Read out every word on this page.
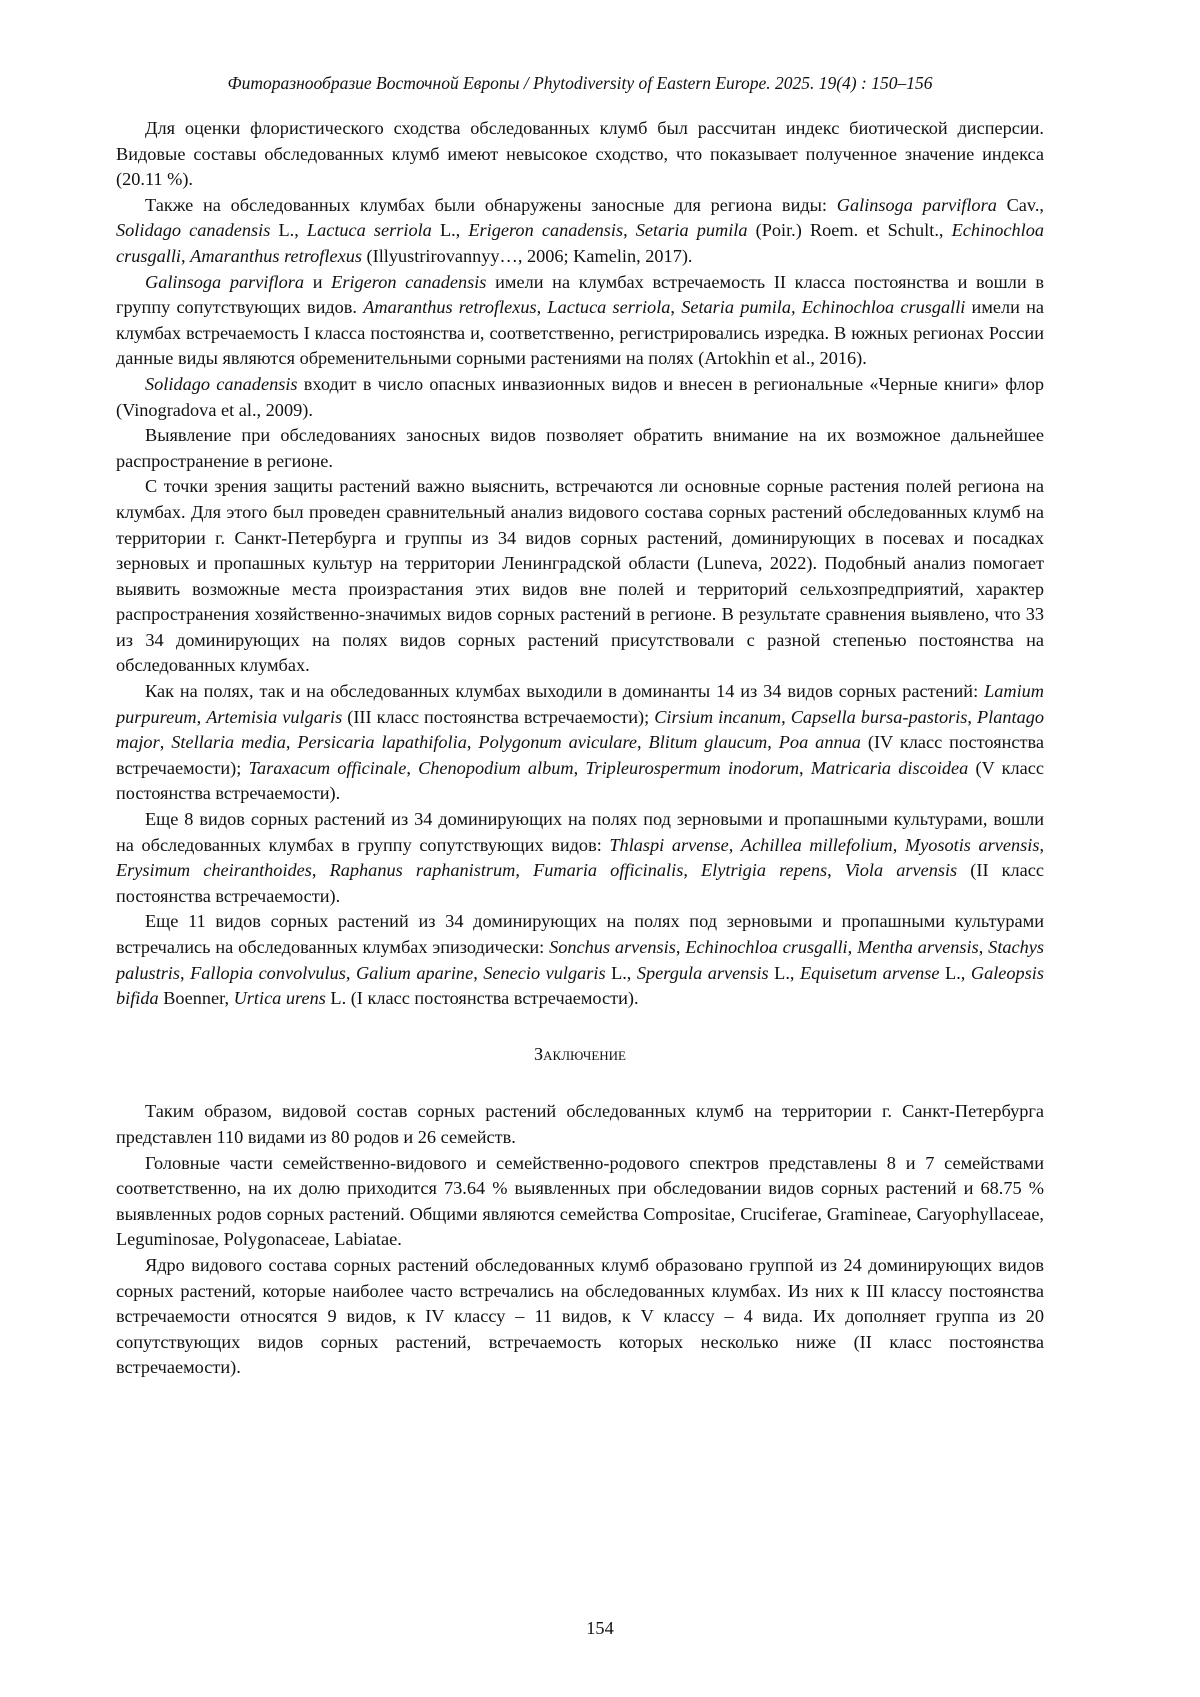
Фиторазнообразие Восточной Европы / Phytodiversity of Eastern Europe. 2025. 19(4) : 150–156

Для оценки флористического сходства обследованных клумб был рассчитан индекс биотической дисперсии. Видовые составы обследованных клумб имеют невысокое сходство, что показывает полученное значение индекса (20.11 %).

Также на обследованных клумбах были обнаружены заносные для региона виды: Galinsoga parviflora Cav., Solidago canadensis L., Lactuca serriola L., Erigeron canadensis, Setaria pumila (Poir.) Roem. et Schult., Echinochloa crusgalli, Amaranthus retroflexus (Illyustrirovannyy…, 2006; Kamelin, 2017).

Galinsoga parviflora и Erigeron canadensis имели на клумбах встречаемость II класса постоянства и вошли в группу сопутствующих видов. Amaranthus retroflexus, Lactuca serriola, Setaria pumila, Echinochloa crusgalli имели на клумбах встречаемость I класса постоянства и, соответственно, регистрировались изредка. В южных регионах России данные виды являются обременительными сорными растениями на полях (Artokhin et al., 2016).

Solidago canadensis входит в число опасных инвазионных видов и внесен в региональные «Черные книги» флор (Vinogradova et al., 2009).

Выявление при обследованиях заносных видов позволяет обратить внимание на их возможное дальнейшее распространение в регионе.

С точки зрения защиты растений важно выяснить, встречаются ли основные сорные растения полей региона на клумбах. Для этого был проведен сравнительный анализ видового состава сорных растений обследованных клумб на территории г. Санкт-Петербурга и группы из 34 видов сорных растений, доминирующих в посевах и посадках зерновых и пропашных культур на территории Ленинградской области (Luneva, 2022). Подобный анализ помогает выявить возможные места произрастания этих видов вне полей и территорий сельхозпредприятий, характер распространения хозяйственно-значимых видов сорных растений в регионе. В результате сравнения выявлено, что 33 из 34 доминирующих на полях видов сорных растений присутствовали с разной степенью постоянства на обследованных клумбах.

Как на полях, так и на обследованных клумбах выходили в доминанты 14 из 34 видов сорных растений: Lamium purpureum, Artemisia vulgaris (III класс постоянства встречаемости); Cirsium incanum, Capsella bursa-pastoris, Plantago major, Stellaria media, Persicaria lapathifolia, Polygonum aviculare, Blitum glaucum, Poa annua (IV класс постоянства встречаемости); Taraxacum officinale, Chenopodium album, Tripleurospermum inodorum, Matricaria discoidea (V класс постоянства встречаемости).

Еще 8 видов сорных растений из 34 доминирующих на полях под зерновыми и пропашными культурами, вошли на обследованных клумбах в группу сопутствующих видов: Thlaspi arvense, Achillea millefolium, Myosotis arvensis, Erysimum cheiranthoides, Raphanus raphanistrum, Fumaria officinalis, Elytrigia repens, Viola arvensis (II класс постоянства встречаемости).

Еще 11 видов сорных растений из 34 доминирующих на полях под зерновыми и пропашными культурами встречались на обследованных клумбах эпизодически: Sonchus arvensis, Echinochloa crusgalli, Mentha arvensis, Stachys palustris, Fallopia convolvulus, Galium aparine, Senecio vulgaris L., Spergula arvensis L., Equisetum arvense L., Galeopsis bifida Boenner, Urtica urens L. (I класс постоянства встречаемости).

Заключение

Таким образом, видовой состав сорных растений обследованных клумб на территории г. Санкт-Петербурга представлен 110 видами из 80 родов и 26 семейств.

Головные части семейственно-видового и семейственно-родового спектров представлены 8 и 7 семействами соответственно, на их долю приходится 73.64 % выявленных при обследовании видов сорных растений и 68.75 % выявленных родов сорных растений. Общими являются семейства Compositae, Cruciferae, Gramineae, Caryophyllaceae, Leguminosae, Polygonaceae, Labiatae.

Ядро видового состава сорных растений обследованных клумб образовано группой из 24 доминирующих видов сорных растений, которые наиболее часто встречались на обследованных клумбах. Из них к III классу постоянства встречаемости относятся 9 видов, к IV классу – 11 видов, к V классу – 4 вида. Их дополняет группа из 20 сопутствующих видов сорных растений, встречаемость которых несколько ниже (II класс постоянства встречаемости).

154
